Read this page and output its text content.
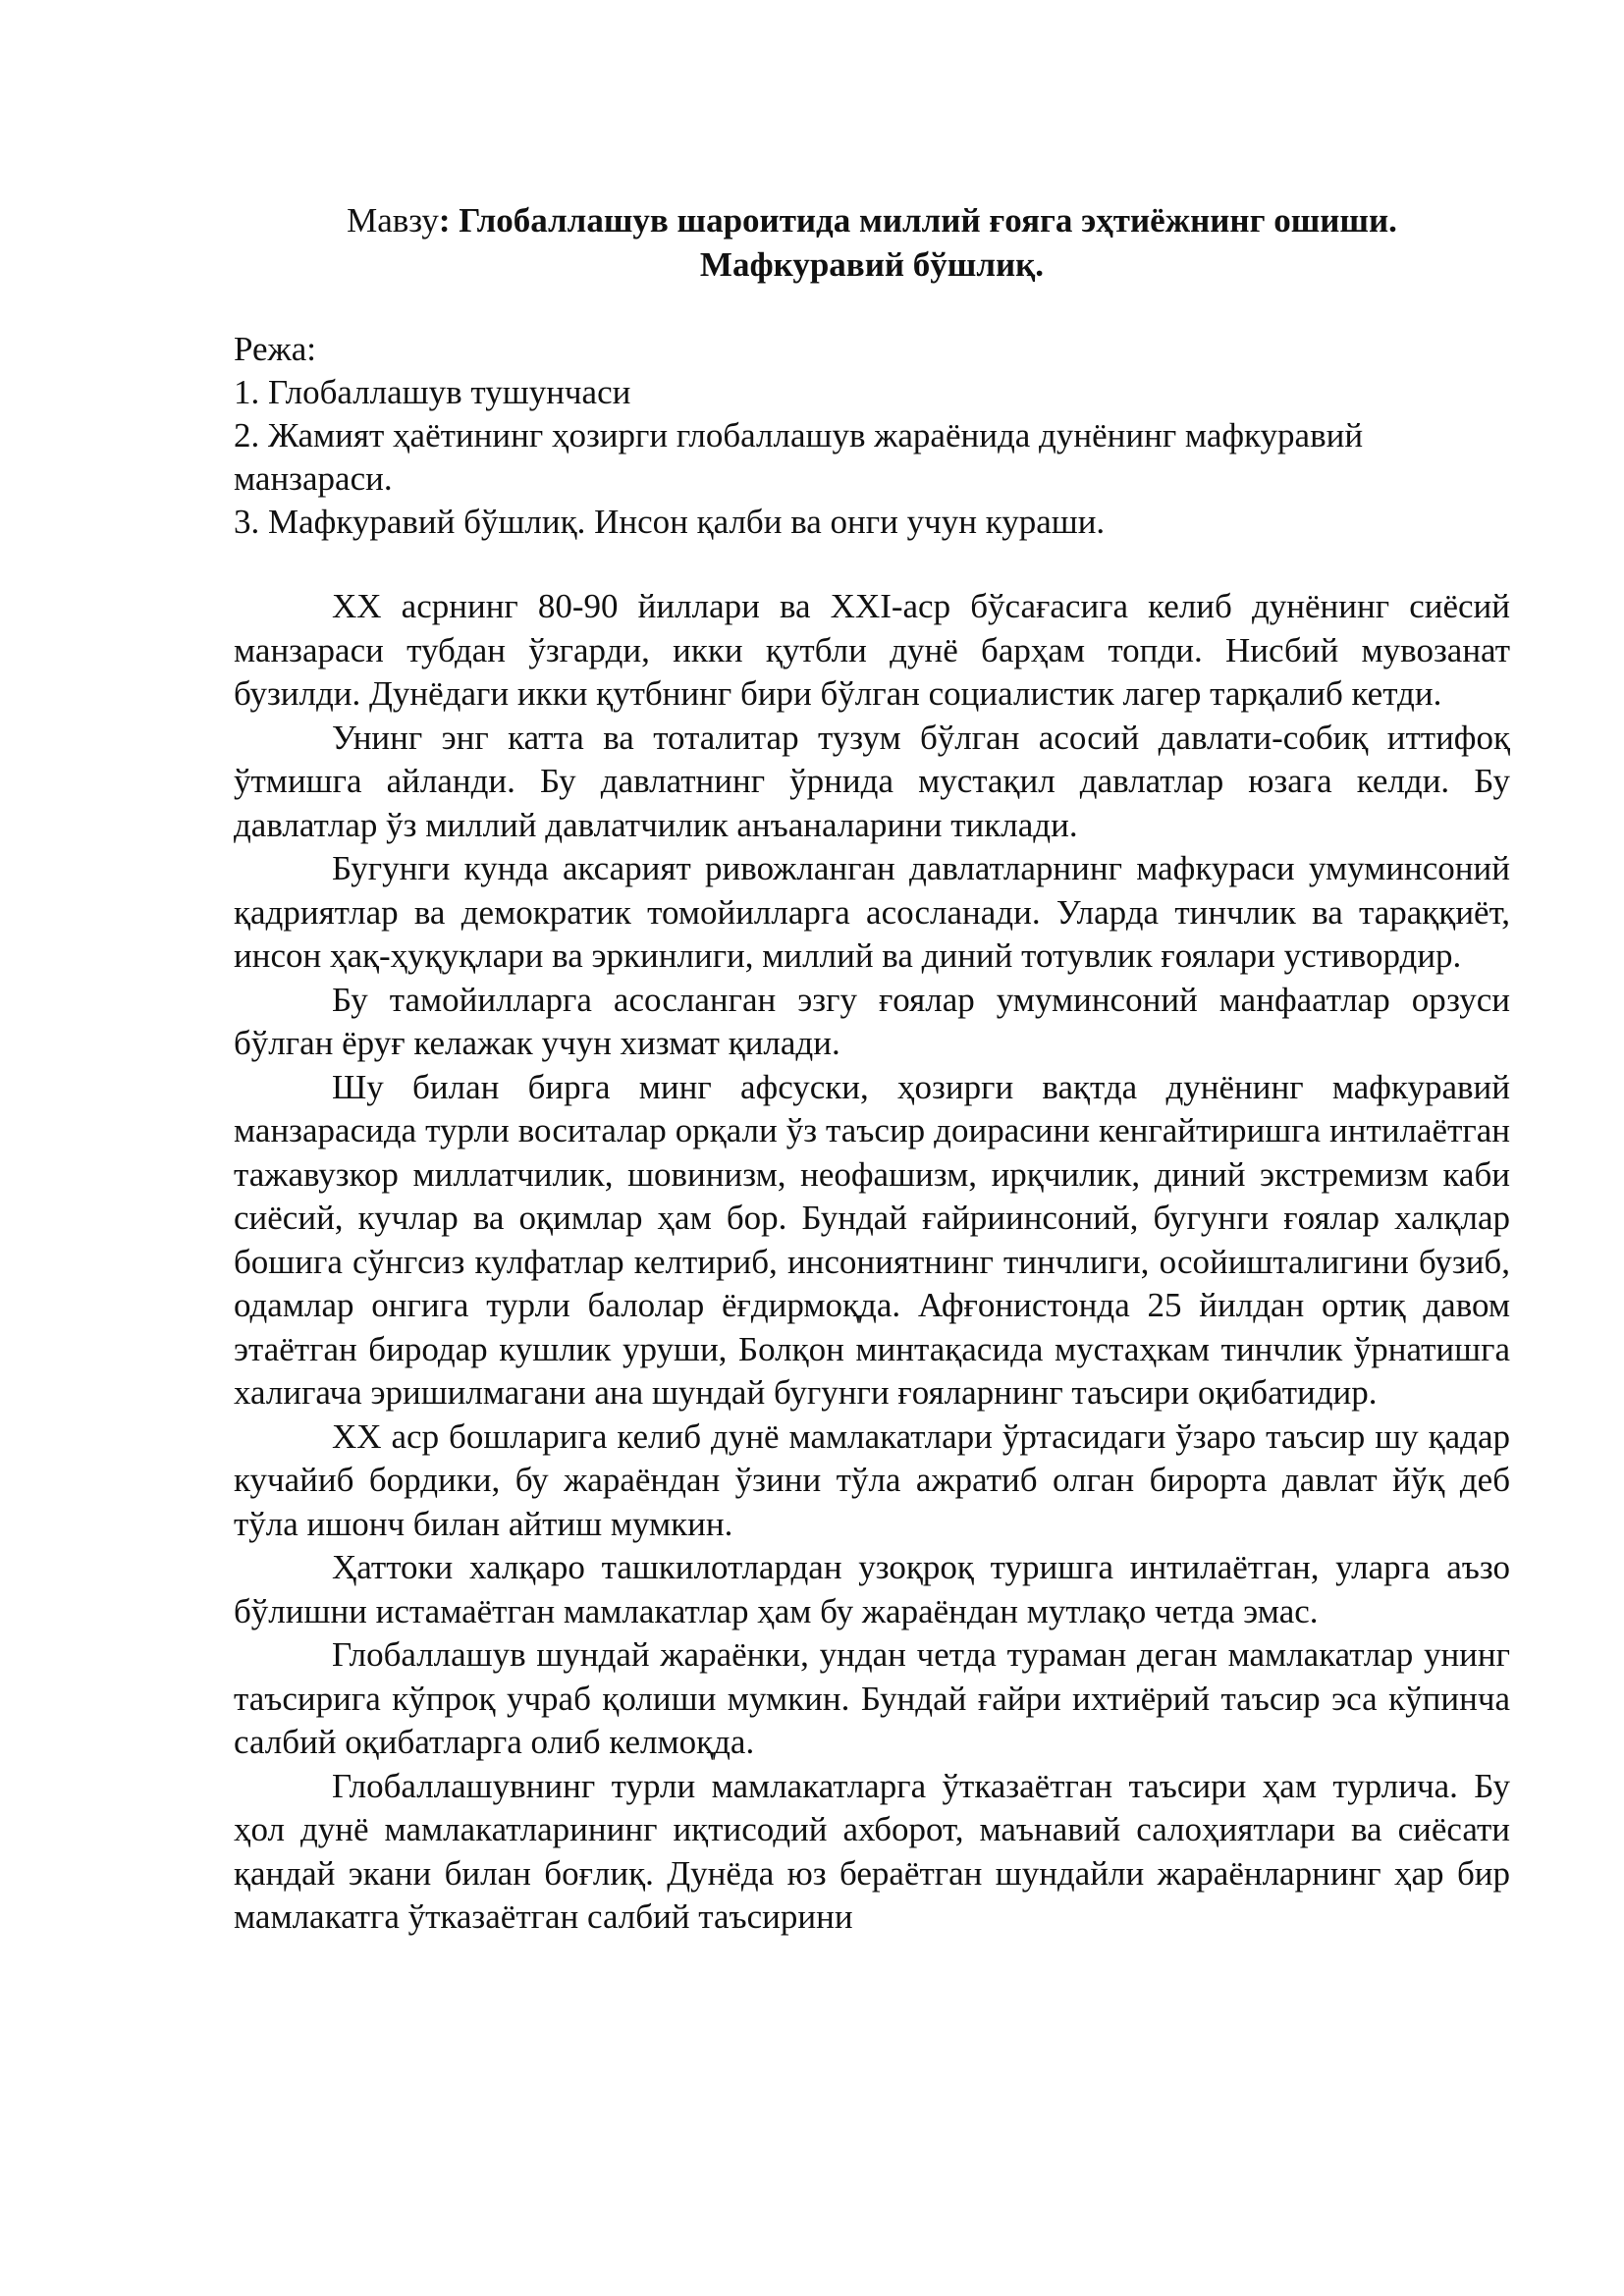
Мавзу: Глобаллашув шароитида миллий ғояга эҳтиёжнинг ошиши.
Мафкуравий бўшлиқ.
Режа:
1. Глобаллашув тушунчаси
2. Жамият ҳаётининг ҳозирги глобаллашув жараёнида дунёнинг мафкуравий манзараси.
3. Мафкуравий бўшлиқ. Инсон қалби ва онги учун кураши.

XX асрнинг 80-90 йиллари ва XXI-аср бўсағасига келиб дунёнинг сиёсий манзараси тубдан ўзгарди, икки қутбли дунё барҳам топди. Нисбий мувозанат бузилди. Дунёдаги икки қутбнинг бири бўлган социалистик лагер тарқалиб кетди.

Унинг энг катта ва тоталитар тузум бўлган асосий давлати-собиқ иттифоқ ўтмишга айланди. Бу давлатнинг ўрнида мустақил давлатлар юзага келди. Бу давлатлар ўз миллий давлатчилик анъаналарини тиклади.

Бугунги кунда аксарият ривожланган давлатларнинг мафкураси умуминсоний қадриятлар ва демократик томойилларга асосланади. Уларда тинчлик ва тараққиёт, инсон ҳақ-ҳуқуқлари ва эркинлиги, миллий ва диний тотувлик ғоялари устивордир.

Бу тамойилларга асосланган эзгу ғоялар умуминсоний манфаатлар орзуси бўлган ёруғ келажак учун хизмат қилади.

Шу билан бирга минг афсуски, ҳозирги вақтда дунёнинг мафкуравий манзарасида турли воситалар орқали ўз таъсир доирасини кенгайтиришга интилаётган тажавузкор миллатчилик, шовинизм, неофашизм, ирқчилик, диний экстремизм каби сиёсий, кучлар ва оқимлар ҳам бор. Бундай ғайриинсоний, бугунги ғоялар халқлар бошига сўнгсиз кулфатлар келтириб, инсониятнинг тинчлиги, осойишталигини бузиб, одамлар онгига турли балолар ёғдирмоқда. Афғонистонда 25 йилдан ортиқ давом этаётган биродар кушлик уруши, Болқон минтақасида мустаҳкам тинчлик ўрнатишга халигача эришилмагани ана шундай бугунги ғояларнинг таъсири оқибатидир.

XX аср бошларига келиб дунё мамлакатлари ўртасидаги ўзаро таъсир шу қадар кучайиб бордики, бу жараёндан ўзини тўла ажратиб олган бирорта давлат йўқ деб тўла ишонч билан айтиш мумкин.

Ҳаттоки халқаро ташкилотлардан узоқроқ туришга интилаётган, уларга аъзо бўлишни истамаётган мамлакатлар ҳам бу жараёндан мутлақо четда эмас.

Глобаллашув шундай жараёнки, ундан четда тураман деган мамлакатлар унинг таъсирига кўпроқ учраб қолиши мумкин. Бундай ғайри ихтиёрий таъсир эса кўпинча салбий оқибатларга олиб келмоқда.

Глобаллашувнинг турли мамлакатларга ўтказаётган таъсири ҳам турлича. Бу ҳол дунё мамлакатларининг иқтисодий ахборот, маънавий салоҳиятлари ва сиёсати қандай экани билан боғлиқ. Дунёда юз бераётган шундайли жараёнларнинг ҳар бир мамлакатга ўтказаётган салбий таъсирини
